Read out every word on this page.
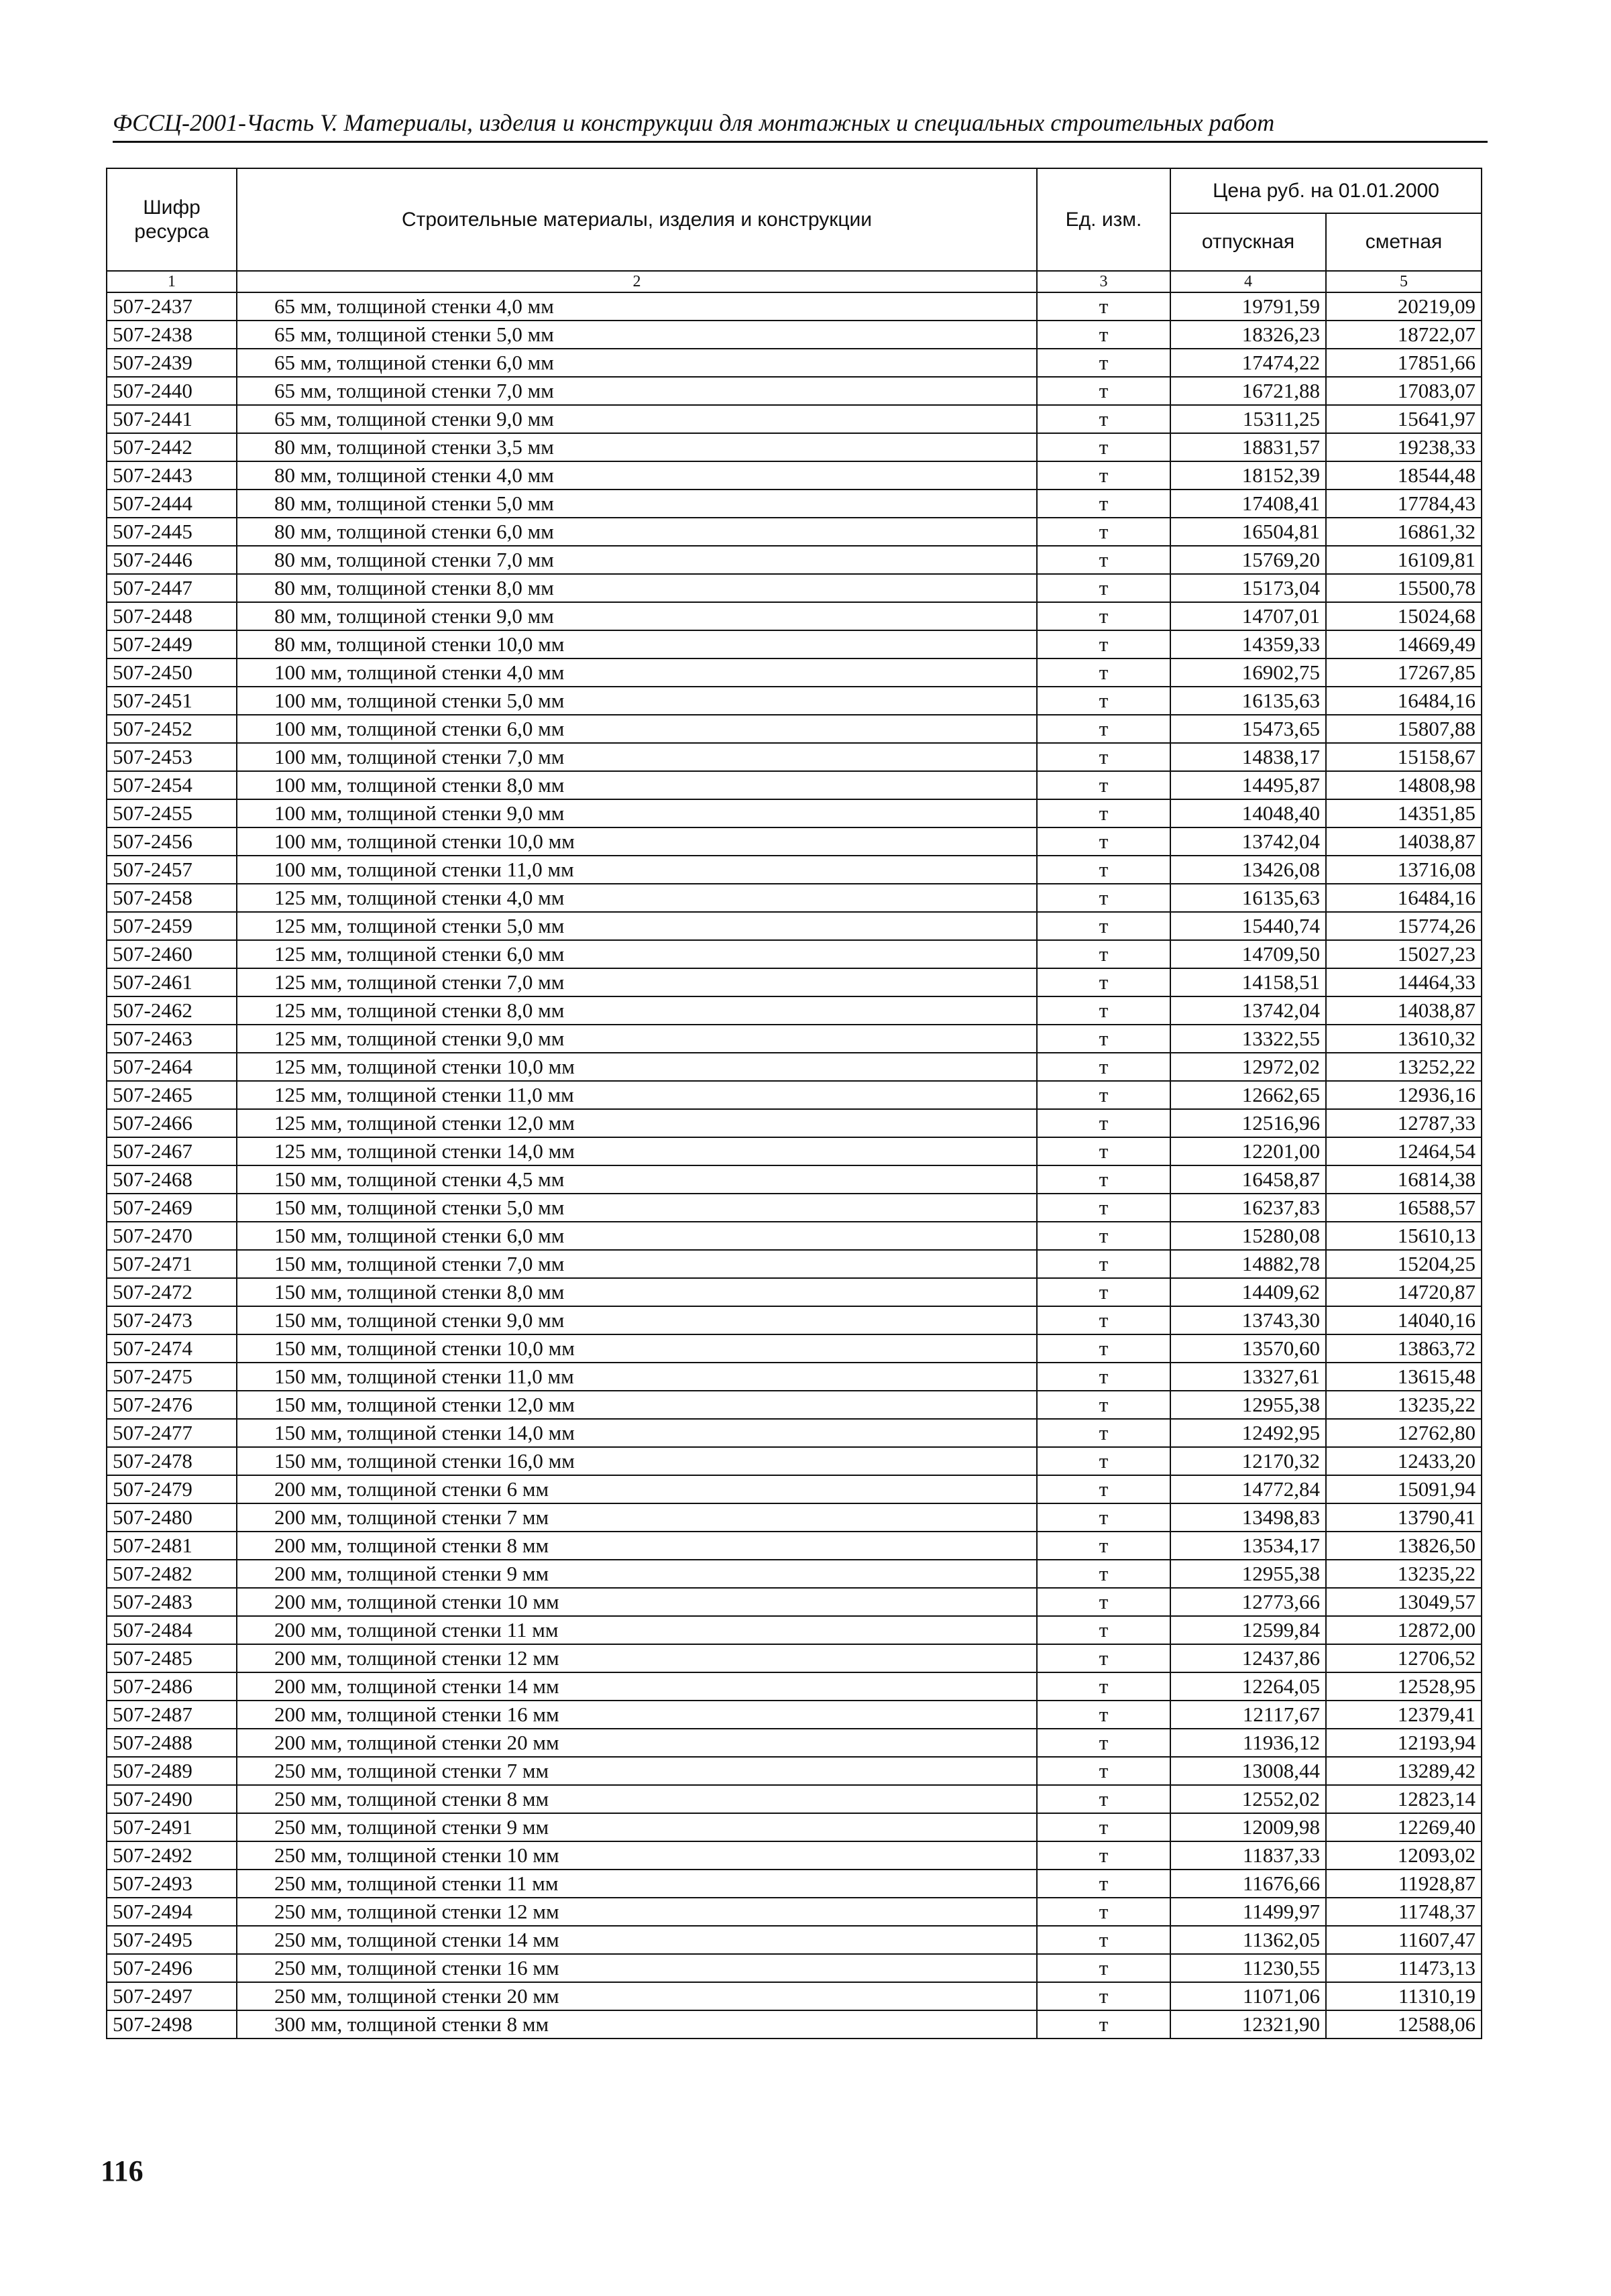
ФССЦ-2001-Часть V. Материалы, изделия и конструкции для монтажных и специальных строительных работ
Шифр ресурса	Строительные материалы, изделия и конструкции	Ед. изм.	Цена руб. на 01.01.2000	
			отпускная	сметная
1	2	3	4	5
507-2437	65 мм, толщиной стенки 4,0 мм	т	19791,59	20219,09
507-2438	65 мм, толщиной стенки 5,0 мм	т	18326,23	18722,07
507-2439	65 мм, толщиной стенки 6,0 мм	т	17474,22	17851,66
507-2440	65 мм, толщиной стенки 7,0 мм	т	16721,88	17083,07
507-2441	65 мм, толщиной стенки 9,0 мм	т	15311,25	15641,97
507-2442	80 мм, толщиной стенки 3,5 мм	т	18831,57	19238,33
507-2443	80 мм, толщиной стенки 4,0 мм	т	18152,39	18544,48
507-2444	80 мм, толщиной стенки 5,0 мм	т	17408,41	17784,43
507-2445	80 мм, толщиной стенки 6,0 мм	т	16504,81	16861,32
507-2446	80 мм, толщиной стенки 7,0 мм	т	15769,20	16109,81
507-2447	80 мм, толщиной стенки 8,0 мм	т	15173,04	15500,78
507-2448	80 мм, толщиной стенки 9,0 мм	т	14707,01	15024,68
507-2449	80 мм, толщиной стенки 10,0 мм	т	14359,33	14669,49
507-2450	100 мм, толщиной стенки 4,0 мм	т	16902,75	17267,85
507-2451	100 мм, толщиной стенки 5,0 мм	т	16135,63	16484,16
507-2452	100 мм, толщиной стенки 6,0 мм	т	15473,65	15807,88
507-2453	100 мм, толщиной стенки 7,0 мм	т	14838,17	15158,67
507-2454	100 мм, толщиной стенки 8,0 мм	т	14495,87	14808,98
507-2455	100 мм, толщиной стенки 9,0 мм	т	14048,40	14351,85
507-2456	100 мм, толщиной стенки 10,0 мм	т	13742,04	14038,87
507-2457	100 мм, толщиной стенки 11,0 мм	т	13426,08	13716,08
507-2458	125 мм, толщиной стенки 4,0 мм	т	16135,63	16484,16
507-2459	125 мм, толщиной стенки 5,0 мм	т	15440,74	15774,26
507-2460	125 мм, толщиной стенки 6,0 мм	т	14709,50	15027,23
507-2461	125 мм, толщиной стенки 7,0 мм	т	14158,51	14464,33
507-2462	125 мм, толщиной стенки 8,0 мм	т	13742,04	14038,87
507-2463	125 мм, толщиной стенки 9,0 мм	т	13322,55	13610,32
507-2464	125 мм, толщиной стенки 10,0 мм	т	12972,02	13252,22
507-2465	125 мм, толщиной стенки 11,0 мм	т	12662,65	12936,16
507-2466	125 мм, толщиной стенки 12,0 мм	т	12516,96	12787,33
507-2467	125 мм, толщиной стенки 14,0 мм	т	12201,00	12464,54
507-2468	150 мм, толщиной стенки 4,5 мм	т	16458,87	16814,38
507-2469	150 мм, толщиной стенки 5,0 мм	т	16237,83	16588,57
507-2470	150 мм, толщиной стенки 6,0 мм	т	15280,08	15610,13
507-2471	150 мм, толщиной стенки 7,0 мм	т	14882,78	15204,25
507-2472	150 мм, толщиной стенки 8,0 мм	т	14409,62	14720,87
507-2473	150 мм, толщиной стенки 9,0 мм	т	13743,30	14040,16
507-2474	150 мм, толщиной стенки 10,0 мм	т	13570,60	13863,72
507-2475	150 мм, толщиной стенки 11,0 мм	т	13327,61	13615,48
507-2476	150 мм, толщиной стенки 12,0 мм	т	12955,38	13235,22
507-2477	150 мм, толщиной стенки 14,0 мм	т	12492,95	12762,80
507-2478	150 мм, толщиной стенки 16,0 мм	т	12170,32	12433,20
507-2479	200 мм, толщиной стенки 6 мм	т	14772,84	15091,94
507-2480	200 мм, толщиной стенки 7 мм	т	13498,83	13790,41
507-2481	200 мм, толщиной стенки 8 мм	т	13534,17	13826,50
507-2482	200 мм, толщиной стенки 9 мм	т	12955,38	13235,22
507-2483	200 мм, толщиной стенки 10 мм	т	12773,66	13049,57
507-2484	200 мм, толщиной стенки 11 мм	т	12599,84	12872,00
507-2485	200 мм, толщиной стенки 12 мм	т	12437,86	12706,52
507-2486	200 мм, толщиной стенки 14 мм	т	12264,05	12528,95
507-2487	200 мм, толщиной стенки 16 мм	т	12117,67	12379,41
507-2488	200 мм, толщиной стенки 20 мм	т	11936,12	12193,94
507-2489	250 мм, толщиной стенки 7 мм	т	13008,44	13289,42
507-2490	250 мм, толщиной стенки 8 мм	т	12552,02	12823,14
507-2491	250 мм, толщиной стенки 9 мм	т	12009,98	12269,40
507-2492	250 мм, толщиной стенки 10 мм	т	11837,33	12093,02
507-2493	250 мм, толщиной стенки 11 мм	т	11676,66	11928,87
507-2494	250 мм, толщиной стенки 12 мм	т	11499,97	11748,37
507-2495	250 мм, толщиной стенки 14 мм	т	11362,05	11607,47
507-2496	250 мм, толщиной стенки 16 мм	т	11230,55	11473,13
507-2497	250 мм, толщиной стенки 20 мм	т	11071,06	11310,19
507-2498	300 мм, толщиной стенки 8 мм	т	12321,90	12588,06
116
